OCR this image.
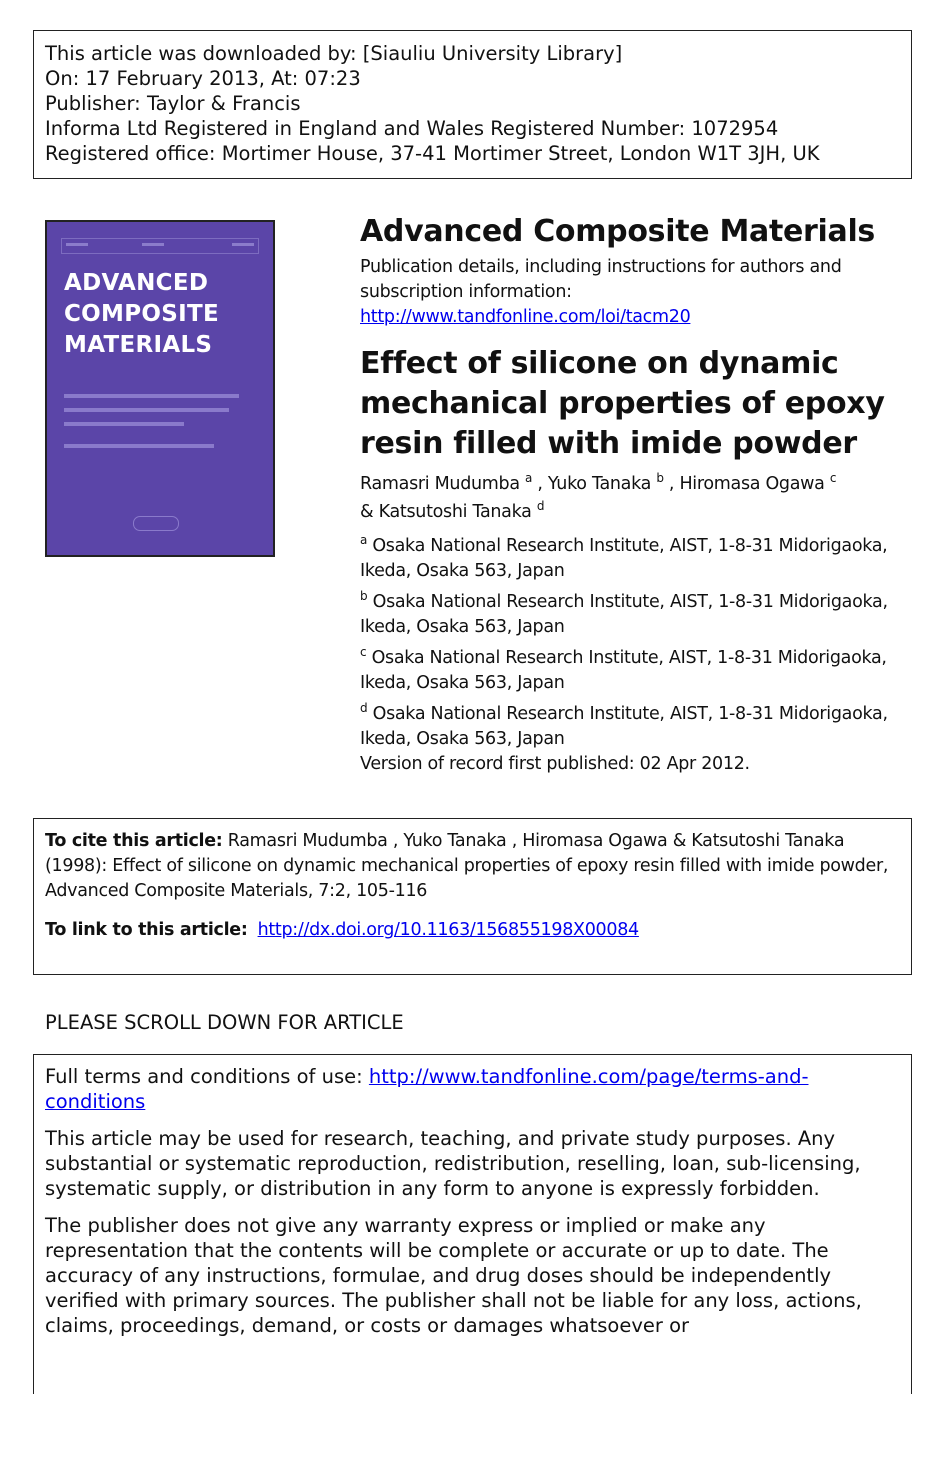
This article was downloaded by: [Siauliu University Library]
On: 17 February 2013, At: 07:23
Publisher: Taylor & Francis
Informa Ltd Registered in England and Wales Registered Number: 1072954
Registered office: Mortimer House, 37-41 Mortimer Street, London W1T 3JH, UK
ADVANCED
COMPOSITE
MATERIALS
Advanced Composite Materials
Publication details, including instructions for authors and subscription information:
http://www.tandfonline.com/loi/tacm20
Effect of silicone on dynamic mechanical properties of epoxy resin filled with imide powder
Ramasri Mudumba $^a$ , Yuko Tanaka $^b$ , Hiromasa Ogawa $^c$
& Katsutoshi Tanaka $^d$
$^a$ Osaka National Research Institute, AIST, 1-8-31 Midorigaoka, Ikeda, Osaka 563, Japan
$^b$ Osaka National Research Institute, AIST, 1-8-31 Midorigaoka, Ikeda, Osaka 563, Japan
$^c$ Osaka National Research Institute, AIST, 1-8-31 Midorigaoka, Ikeda, Osaka 563, Japan
$^d$ Osaka National Research Institute, AIST, 1-8-31 Midorigaoka, Ikeda, Osaka 563, Japan
Version of record first published: 02 Apr 2012.
To cite this article: Ramasri Mudumba , Yuko Tanaka , Hiromasa Ogawa & Katsutoshi Tanaka (1998): Effect of silicone on dynamic mechanical properties of epoxy resin filled with imide powder, Advanced Composite Materials, 7:2, 105-116
To link to this article: http://dx.doi.org/10.1163/156855198X00084
PLEASE SCROLL DOWN FOR ARTICLE

Full terms and conditions of use: http://www.tandfonline.com/page/terms-and-conditions

This article may be used for research, teaching, and private study purposes. Any substantial or systematic reproduction, redistribution, reselling, loan, sub-licensing, systematic supply, or distribution in any form to anyone is expressly forbidden.

The publisher does not give any warranty express or implied or make any representation that the contents will be complete or accurate or up to date. The accuracy of any instructions, formulae, and drug doses should be independently verified with primary sources. The publisher shall not be liable for any loss, actions, claims, proceedings, demand, or costs or damages whatsoever or
